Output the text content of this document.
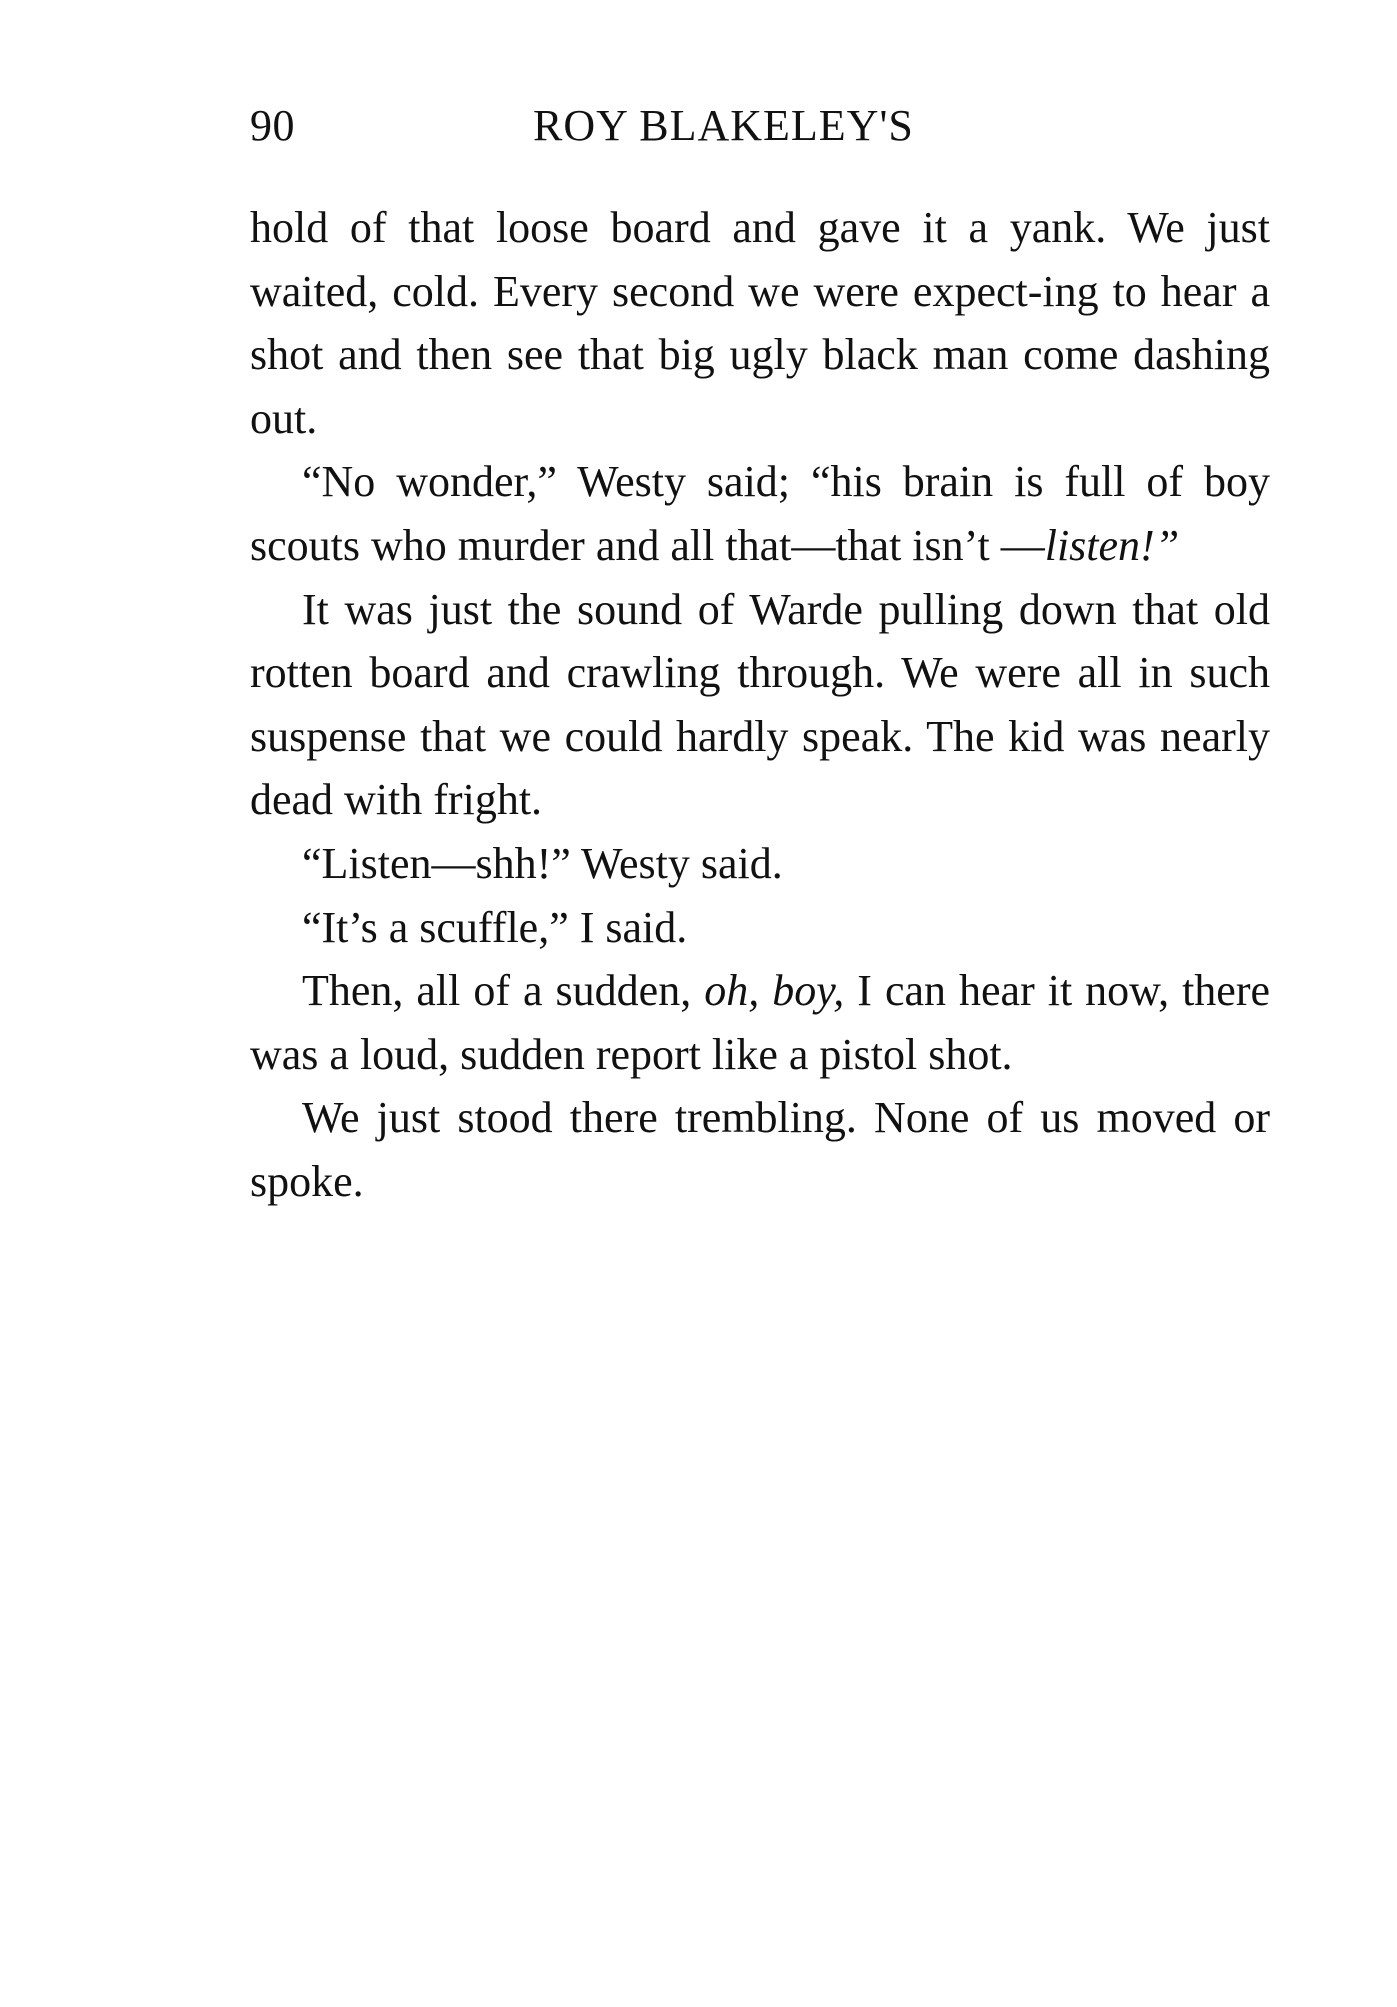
90	ROY BLAKELEY'S

hold of that loose board and gave it a yank. We just waited, cold. Every second we were expect-ing to hear a shot and then see that big ugly black man come dashing out.

“No wonder,” Westy said; “his brain is full of boy scouts who murder and all that—that isn’t —listen!”

It was just the sound of Warde pulling down that old rotten board and crawling through. We were all in such suspense that we could hardly speak. The kid was nearly dead with fright.

“Listen—shh!” Westy said.

“It’s a scuffle,” I said.

Then, all of a sudden, oh, boy, I can hear it now, there was a loud, sudden report like a pistol shot.

We just stood there trembling. None of us moved or spoke.
